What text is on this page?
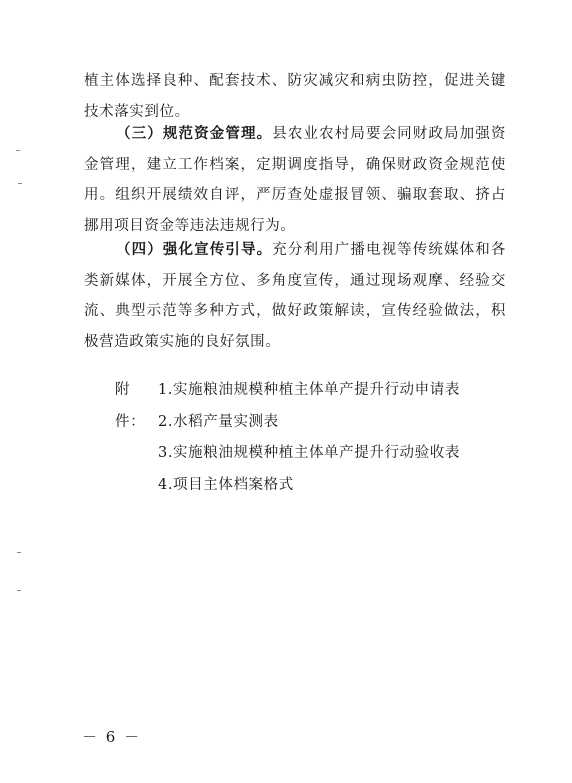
植主体选择良种、配套技术、防灾减灾和病虫防控，促进关键技术落实到位。

（三）规范资金管理。县农业农村局要会同财政局加强资金管理，建立工作档案，定期调度指导，确保财政资金规范使用。组织开展绩效自评，严厉查处虚报冒领、骗取套取、挤占挪用项目资金等违法违规行为。

（四）强化宣传引导。充分利用广播电视等传统媒体和各类新媒体，开展全方位、多角度宣传，通过现场观摩、经验交流、典型示范等多种方式，做好政策解读，宣传经验做法，积极营造政策实施的良好氛围。

附件：
1.实施粮油规模种植主体单产提升行动申请表
2.水稻产量实测表
3.实施粮油规模种植主体单产提升行动验收表
4.项目主体档案格式
－ 6 －
